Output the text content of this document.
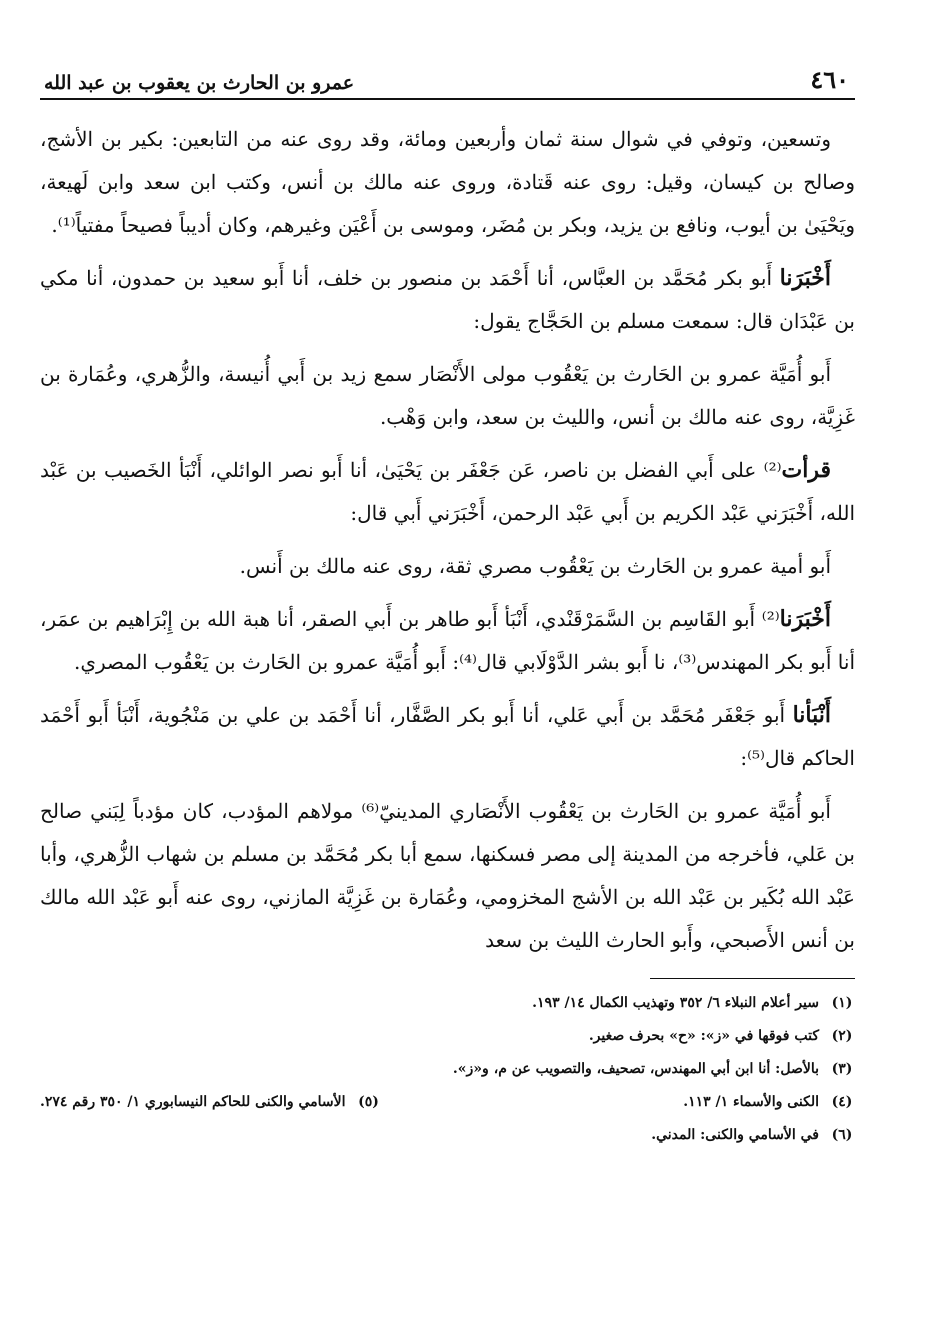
٤٦٠
عمرو بن الحارث بن يعقوب بن عبد الله

وتسعين، وتوفي في شوال سنة ثمان وأربعين ومائة، وقد روى عنه من التابعين: بكير بن الأشج، وصالح بن كيسان، وقيل: روى عنه قَتادة، وروى عنه مالك بن أنس، وكتب ابن سعد وابن لَهيعة، ويَحْيَىٰ بن أيوب، ونافع بن يزيد، وبكر بن مُضَر، وموسى بن أَعْيَن وغيرهم، وكان أديباً فصيحاً مفتياً⁽¹⁾.

أَخْبَرَنا أَبو بكر مُحَمَّد بن العبَّاس، أنا أَحْمَد بن منصور بن خلف، أنا أَبو سعيد بن حمدون، أنا مكي بن عَبْدَان قال: سمعت مسلم بن الحَجَّاج يقول:

أَبو أُمَيَّة عمرو بن الحَارث بن يَعْقُوب مولى الأَنْصَار سمع زيد بن أَبي أُنيسة، والزُّهري، وعُمَارة بن غَزِيَّة، روى عنه مالك بن أنس، والليث بن سعد، وابن وَهْب.

قرأت⁽²⁾ على أَبي الفضل بن ناصر، عَن جَعْفَر بن يَحْيَىٰ، أنا أَبو نصر الوائلي، أَنْبَأ الخَصيب بن عَبْد الله، أَخْبَرَني عَبْد الكريم بن أَبي عَبْد الرحمن، أَخْبَرَني أَبي قال:

أَبو أمية عمرو بن الحَارث بن يَعْقُوب مصري ثقة، روى عنه مالك بن أَنس.

أَخْبَرَنا⁽²⁾ أَبو القَاسِم بن السَّمَرْقَنْدي، أَنْبَأ أَبو طاهر بن أَبي الصقر، أنا هبة الله بن إِبْرَاهيم بن عمَر، أنا أَبو بكر المهندس⁽³⁾، نا أَبو بشر الدَّوْلَابي قال⁽⁴⁾: أَبو أُمَيَّة عمرو بن الحَارث بن يَعْقُوب المصري.

أَنْبَأنا أَبو جَعْفَر مُحَمَّد بن أَبي عَلي، أنا أَبو بكر الصَّفَّار، أنا أَحْمَد بن علي بن مَنْجُوية، أَنْبَأ أَبو أَحْمَد الحاكم قال⁽⁵⁾:

أَبو أُمَيَّة عمرو بن الحَارث بن يَعْقُوب الأَنْصَاري المدينيّ⁽⁶⁾ مولاهم المؤدب، كان مؤدباً لِبَني صالح بن عَلي، فأخرجه من المدينة إلى مصر فسكنها، سمع أبا بكر مُحَمَّد بن مسلم بن شهاب الزُّهري، وأبا عَبْد الله بُكَير بن عَبْد الله بن الأشج المخزومي، وعُمَارة بن غَزِيَّة المازني، روى عنه أَبو عَبْد الله مالك بن أنس الأَصبحي، وأَبو الحارث الليث بن سعد

(١)
سير أعلام النبلاء ٦/ ٣٥٢ وتهذيب الكمال ١٤/ ١٩٣.
(٢)
كتب فوقها في «ز»: «ح» بحرف صغير.
(٣)
بالأصل: أنا ابن أبي المهندس، تصحيف، والتصويب عن م، و«ز».
(٤)
الكنى والأسماء ١/ ١١٣.
(٥)
الأسامي والكنى للحاكم النيسابوري ١/ ٣٥٠ رقم ٢٧٤.
(٦)
في الأسامي والكنى: المدني.
